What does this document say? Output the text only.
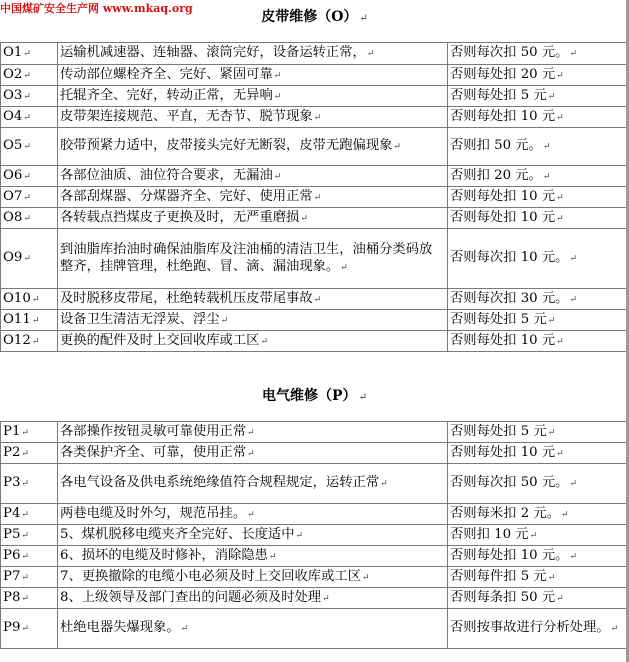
中国煤矿安全生产网 www.mkaq.org
皮带维修（O） ↵
O1↵	运输机减速器、连轴器、滚筒完好，设备运转正常，↵	否则每次扣 50 元。↵
O2↵	传动部位螺栓齐全、完好、紧固可靠↵	否则每处扣 20 元↵
O3↵	托辊齐全、完好，转动正常，无异响↵	否则每处扣 5 元↵
O4↵	皮带架连接规范、平直，无杏节、脱节现象↵	否则每处扣 10 元↵
O5↵	胶带预紧力适中，皮带接头完好无断裂，皮带无跑偏现象↵	否则扣 50 元。↵
O6↵	各部位油质、油位符合要求，无漏油↵	否则扣 20 元。↵
O7↵	各部刮煤器、分煤器齐全、完好、使用正常↵	否则每处扣 10 元↵
O8↵	各转载点挡煤皮子更换及时，无严重磨损↵	否则每处扣 10 元↵
O9↵	到油脂库抬油时确保油脂库及注油桶的清洁卫生，油桶分类码放整齐，挂牌管理，杜绝跑、冒、滴、漏油现象。↵	否则每次扣 10 元。↵
O10↵	及时脱移皮带尾，杜绝转载机压皮带尾事故↵	否则每次扣 30 元。↵
O11↵	设备卫生清洁无浮炭、浮尘↵	否则每处扣 5 元↵
O12↵	更换的配件及时上交回收库或工区↵	否则每处扣 10 元↵
电气维修（P） ↵
P1↵	各部操作按钮灵敏可靠使用正常↵	否则每处扣 5 元↵
P2↵	各类保护齐全、可靠，使用正常↵	否则每处扣 10 元↵
P3↵	各电气设备及供电系统绝缘值符合规程规定，运转正常↵	否则每次扣 50 元。↵
P4↵	两巷电缆及时外匀，规范吊挂。↵	否则每米扣 2 元。↵
P5↵	5、煤机脱移电缆夹齐全完好、长度适中↵	否则扣 10 元↵
P6↵	6、损坏的电缆及时修补，消除隐患↵	否则每处扣 10 元。↵
P7↵	7、更换撤除的电缆小电必须及时上交回收库或工区↵	否则每件扣 5 元↵
P8↵	8、上级领导及部门查出的问题必须及时处理↵	否则每条扣 50 元↵
P9↵	杜绝电器失爆现象。↵	否则按事故进行分析处理。↵
